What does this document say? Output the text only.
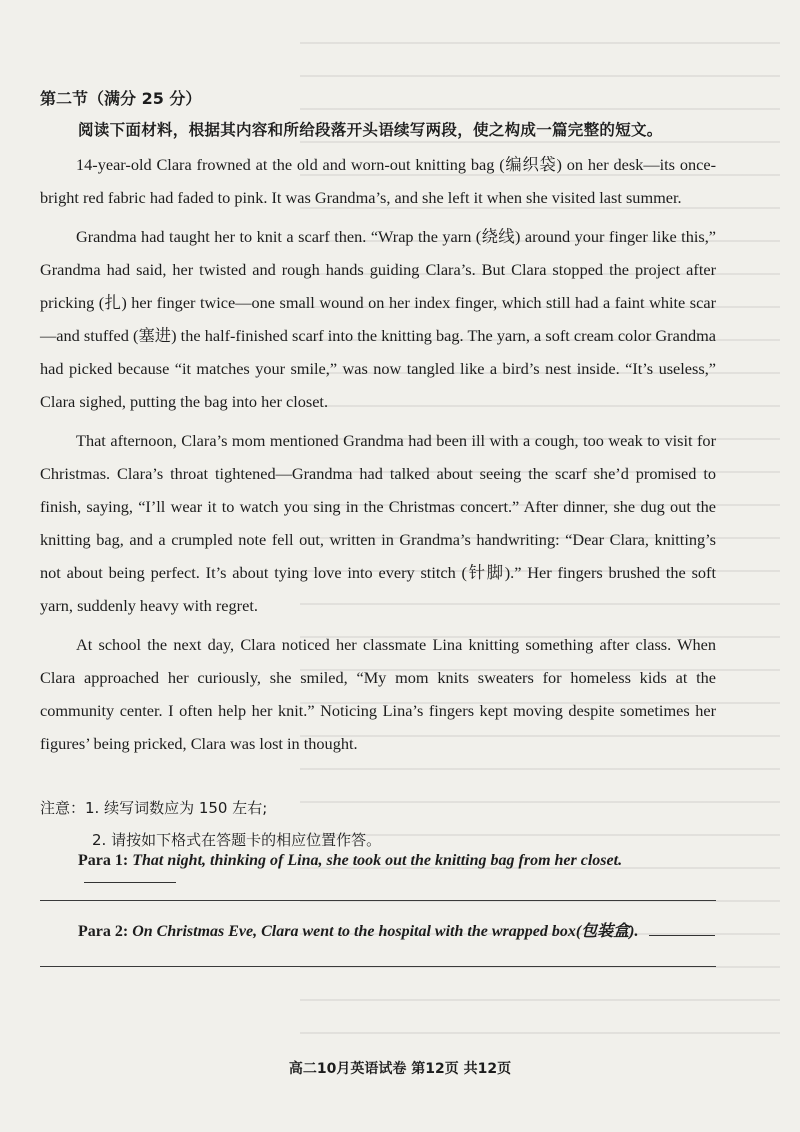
第二节（满分 25 分）
阅读下面材料，根据其内容和所给段落开头语续写两段，使之构成一篇完整的短文。

14-year-old Clara frowned at the old and worn-out knitting bag (编织袋) on her desk—its once-bright red fabric had faded to pink. It was Grandma’s, and she left it when she visited last summer.

Grandma had taught her to knit a scarf then. “Wrap the yarn (绕线) around your finger like this,” Grandma had said, her twisted and rough hands guiding Clara’s. But Clara stopped the project after pricking (扎) her finger twice—one small wound on her index finger, which still had a faint white scar—and stuffed (塞进) the half-finished scarf into the knitting bag. The yarn, a soft cream color Grandma had picked because “it matches your smile,” was now tangled like a bird’s nest inside. “It’s useless,” Clara sighed, putting the bag into her closet.

That afternoon, Clara’s mom mentioned Grandma had been ill with a cough, too weak to visit for Christmas. Clara’s throat tightened—Grandma had talked about seeing the scarf she’d promised to finish, saying, “I’ll wear it to watch you sing in the Christmas concert.” After dinner, she dug out the knitting bag, and a crumpled note fell out, written in Grandma’s handwriting: “Dear Clara, knitting’s not about being perfect. It’s about tying love into every stitch (针脚).” Her fingers brushed the soft yarn, suddenly heavy with regret.

At school the next day, Clara noticed her classmate Lina knitting something after class. When Clara approached her curiously, she smiled, “My mom knits sweaters for homeless kids at the community center. I often help her knit.” Noticing Lina’s fingers kept moving despite sometimes her figures’ being pricked, Clara was lost in thought.

注意：1. 续写词数应为 150 左右;
2. 请按如下格式在答题卡的相应位置作答。
Para 1: That night, thinking of Lina, she took out the knitting bag from her closet.
Para 2: On Christmas Eve, Clara went to the hospital with the wrapped box(包装盒).
高二10月英语试卷 第12页 共12页
